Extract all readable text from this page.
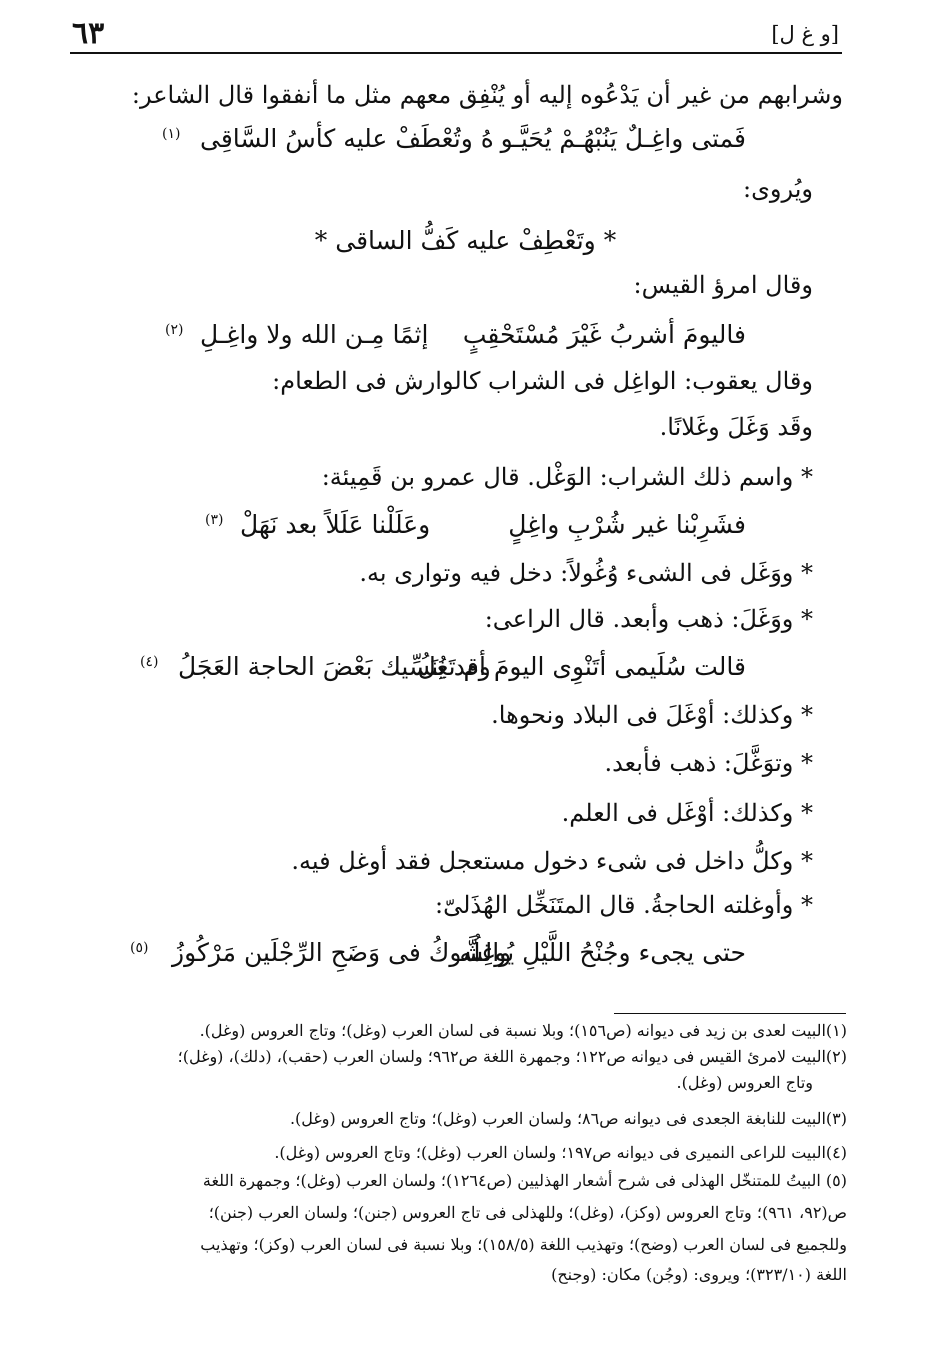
٦٣	[و غ ل]
وشرابهم من غير أن يَدْعُوه إليه أو يُنْفِق معهم مثل ما أنفقوا قال الشاعر:
فَمتى واغِـلٌ يَنُبْهُـمْ يُحَيَّـو
هُ وتُعْطَفْ عليه كأسُ السَّاقِى
(١)
ويُروى:
* وتَعْطِفْ عليه كَفُّ الساقى *
وقال امرؤ القيس:
فاليومَ أشربُ غَيْرَ مُسْتَحْقِبٍ
إثمًا مِـن الله ولا واغِـلِ
(٢)
وقال يعقوب: الواغِل فى الشراب كالوارش فى الطعام:
وقَد وَغَلَ وغَلانًا.
* واسم ذلك الشراب: الوَغْل. قال عمرو بن قَمِيئة:
فشَرِبْنا غير شُرْبِ واغِلٍ
وعَلَلْنا عَلَلاً بعد نَهَلْ
(٣)
* ووَغَل فى الشىء وُغُولاً: دخل فيه وتوارى به.
* ووَغَلَ: ذهب وأبعد. قال الراعى:
قالت سُلَيمى أتَنْوِى اليومَ أم تَغِلُ
وقد يُنَسِّيك بَعْضَ الحاجة العَجَلُ
(٤)
* وكذلك: أوْغَلَ فى البلاد ونحوها.
* وتوَغَّلَ: ذهب فأبعد.
* وكذلك: أوْغَل فى العلم.
* وكلُّ داخل فى شىء دخول مستعجل فقد أوغل فيه.
* وأوغلته الحاجةُ. قال المتَنَخِّل الهُذَلىّ:
حتى يجىء وجُنْحُ اللَّيْلِ يُوغِلُه
والشَّوكُ فى وَضَحِ الرِّجْلَين مَرْكُوزُ
(٥)
(١)البيت لعدى بن زيد فى ديوانه (ص١٥٦)؛ وبلا نسبة فى لسان العرب (وغل)؛ وتاج العروس (وغل).
(٢)البيت لامرئ القيس فى ديوانه ص١٢٢؛ وجمهرة اللغة ص٩٦٢؛ ولسان العرب (حقب)، (دلك)، (وغل)؛
وتاج العروس (وغل).
(٣)البيت للنابغة الجعدى فى ديوانه ص٨٦؛ ولسان العرب (وغل)؛ وتاج العروس (وغل).
(٤)البيت للراعى النميرى فى ديوانه ص١٩٧؛ ولسان العرب (وغل)؛ وتاج العروس (وغل).
(٥) البيتُ للمتنخّل الهذلى فى شرح أشعار الهذليين (ص١٢٦٤)؛ ولسان العرب (وغل)؛ وجمهرة اللغة
ص(٩٢، ٩٦١)؛ وتاج العروس (وكز)، (وغل)؛ وللهذلى فى تاج العروس (جنن)؛ ولسان العرب (جنن)؛
وللجميع فى لسان العرب (وضح)؛ وتهذيب اللغة (١٥٨/٥)؛ وبلا نسبة فى لسان العرب (وكز)؛ وتهذيب
اللغة (٣٢٣/١٠)؛ ويروى: (وجُن) مكان: (وجنح)
